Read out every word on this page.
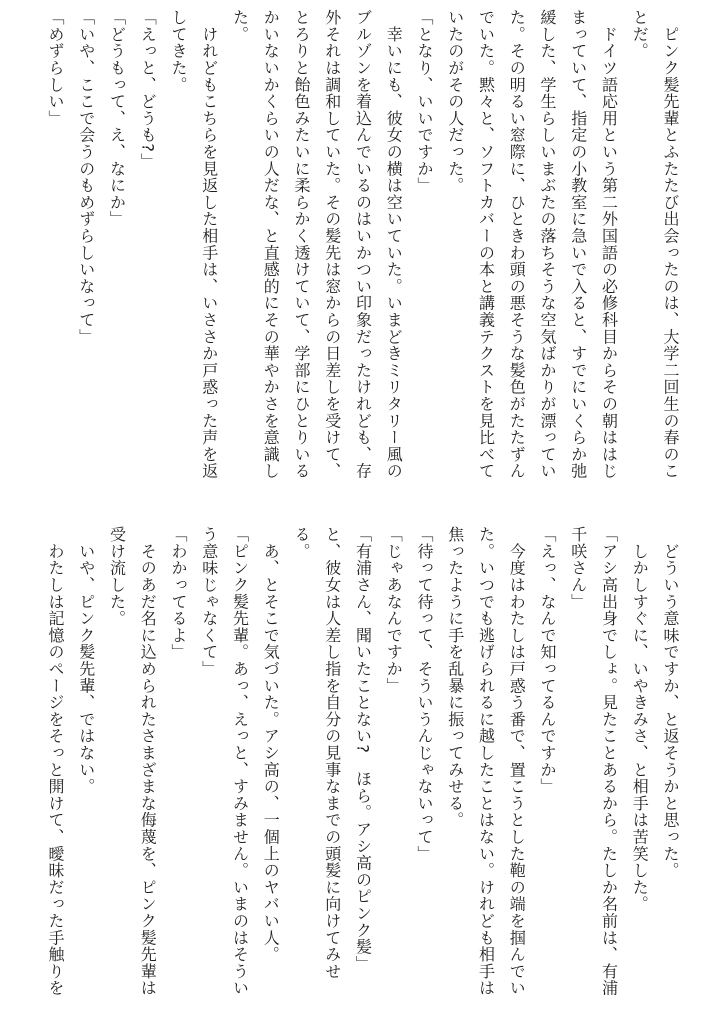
　ピンク髪先輩とふたたび出会ったのは、大学二回生の春のこ
とだ。
　ドイツ語応用という第二外国語の必修科目からその朝ははじ
まっていて、指定の小教室に急いで入ると、すでにいくらか弛
緩した、学生らしいまぶたの落ちそうな空気ばかりが漂ってい
た。その明るい窓際に、ひときわ頭の悪そうな髪色がたたずん
でいた。黙々と、ソフトカバーの本と講義テクストを見比べて
いたのがその人だった。
「となり、いいですか」
　幸いにも、彼女の横は空いていた。いまどきミリタリー風の
ブルゾンを着込んでいるのはいかつい印象だったけれども、存
外それは調和していた。その髪先は窓からの日差しを受けて、
とろりと飴色みたいに柔らかく透けていて、学部にひとりいる
かいないかくらいの人だな、と直感的にその華やかさを意識し
た。
　けれどもこちらを見返した相手は、いささか戸惑った声を返
してきた。
「えっと、どうも?」
「どうもって、え、なにか」
「いや、ここで会うのもめずらしいなって」
「めずらしい」
　どういう意味ですか、と返そうかと思った。
　しかしすぐに、いやきみさ、と相手は苦笑した。
「アシ高出身でしょ。見たことあるから。たしか名前は、有浦
千咲さん」
「えっ、なんで知ってるんですか」
　今度はわたしは戸惑う番で、置こうとした鞄の端を掴んでい
た。いつでも逃げられるに越したことはない。けれども相手は
焦ったように手を乱暴に振ってみせる。
「待って待って、そういうんじゃないって」
「じゃあなんですか」
「有浦さん、聞いたことない?　ほら。アシ高のピンク髪」
と、彼女は人差し指を自分の見事なまでの頭髪に向けてみせ
る。
　あ、とそこで気づいた。アシ高の、一個上のヤバい人。
「ピンク髪先輩。あっ、えっと、すみません。いまのはそうい
う意味じゃなくて」
「わかってるよ」
　そのあだ名に込められたさまざまな侮蔑を、ピンク髪先輩は
受け流した。
　いや、ピンク髪先輩、ではない。
　わたしは記憶のページをそっと開けて、曖昧だった手触りを
